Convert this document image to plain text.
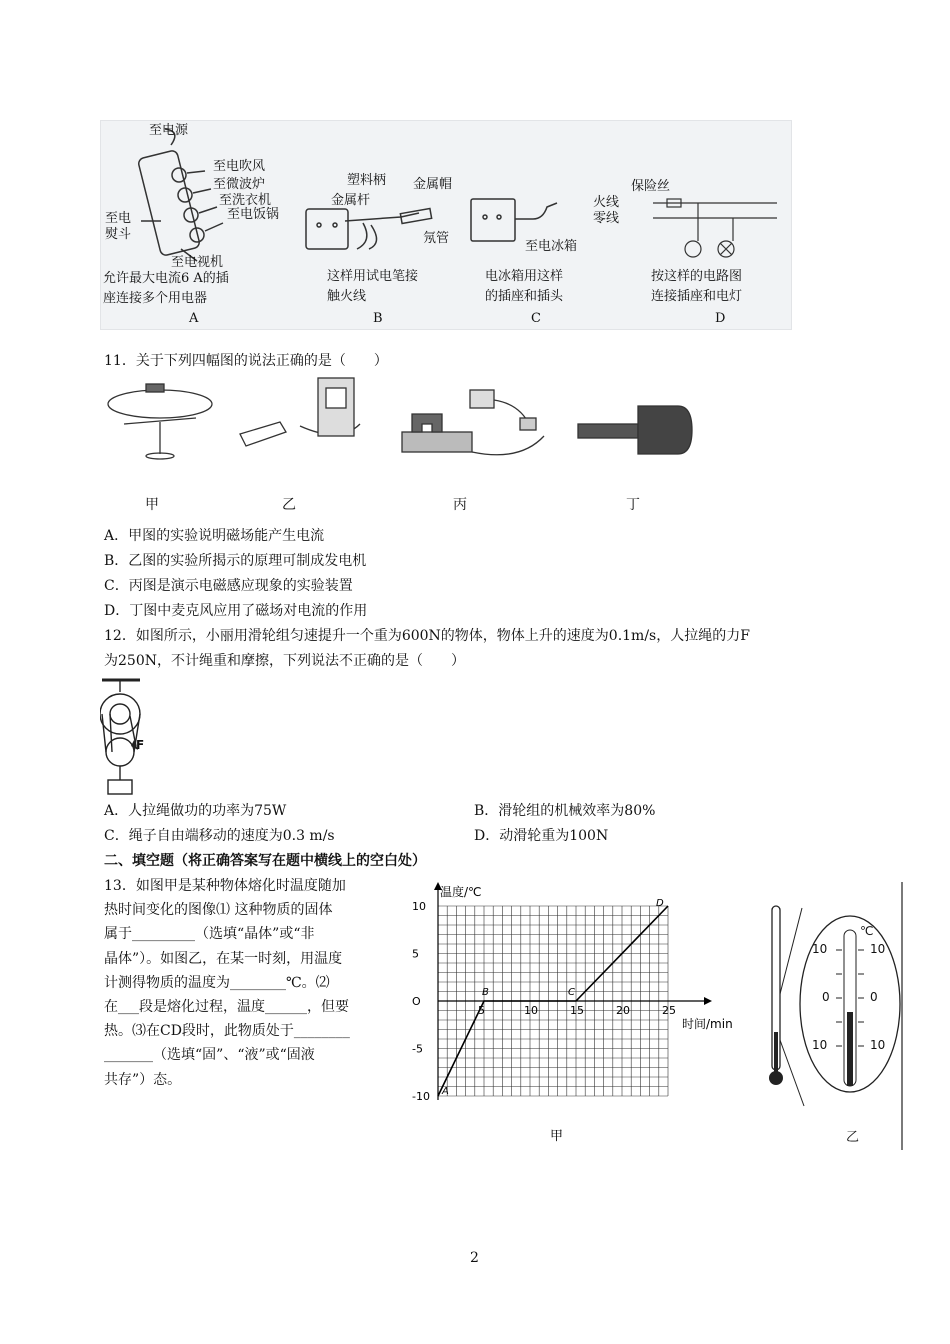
至电源
至电吹风
至微波炉
至洗衣机
至电饭锅
至电
熨斗
至电视机
允许最大电流6 A的插
座连接多个用电器
A
塑料柄 金属帽
金属杆
氖管
这样用试电笔接
触火线
B
至电冰箱
电冰箱用这样
的插座和插头
C
保险丝
火线
零线
按这样的电路图
连接插座和电灯
D
11．关于下列四幅图的说法正确的是（　　）
甲	乙	丙	丁
A．甲图的实验说明磁场能产生电流
B．乙图的实验所揭示的原理可制成发电机
C．丙图是演示电磁感应现象的实验装置
D．丁图中麦克风应用了磁场对电流的作用
12．如图所示，小丽用滑轮组匀速提升一个重为600N的物体，物体上升的速度为0.1m/s，人拉绳的力F
为250N，不计绳重和摩擦，下列说法不正确的是（　　）
F
A．人拉绳做功的功率为75W	B．滑轮组的机械效率为80%
C．绳子自由端移动的速度为0.3 m/s	D．动滑轮重为100N
二、填空题（将正确答案写在题中横线上的空白处）
13．如图甲是某种物体熔化时温度随加
热时间变化的图像⑴ 这种物质的固体
属于_________（选填“晶体”或“非
晶体”）。如图乙，在某一时刻，用温度
计测得物质的温度为________℃。⑵
在___段是熔化过程，温度______，但要
热。⑶在CD段时，此物质处于________
_______（选填“固”、“液”或“固液
共存”）态。
5	10	15	20	25
10
5
O
-5
-10 A
B	C
D
温度/℃
时间/min
甲
10	10
0	0
10	10
℃
乙
2
